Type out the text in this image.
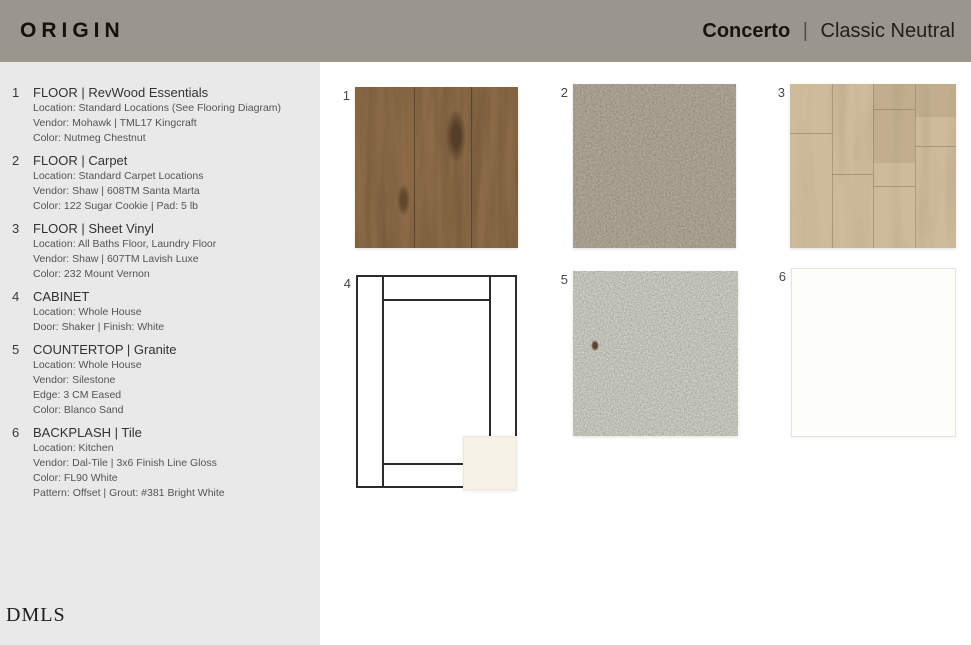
ORIGIN	Concerto | Classic Neutral
1	FLOOR | RevWood Essentials
Location: Standard Locations (See Flooring Diagram)
Vendor: Mohawk | TML17 Kingcraft
Color: Nutmeg Chestnut
2	FLOOR | Carpet
Location: Standard Carpet Locations
Vendor: Shaw | 608TM Santa Marta
Color: 122 Sugar Cookie | Pad: 5 lb
3	FLOOR | Sheet Vinyl
Location: All Baths Floor, Laundry Floor
Vendor: Shaw | 607TM Lavish Luxe
Color: 232 Mount Vernon
4	CABINET
Location: Whole House
Door: Shaker | Finish: White
5	COUNTERTOP | Granite
Location: Whole House
Vendor: Silestone
Edge: 3 CM Eased
Color: Blanco Sand
6	BACKPLASH | Tile
Location: Kitchen
Vendor: Dal-Tile | 3x6 Finish Line Gloss
Color: FL90 White
Pattern: Offset | Grout: #381 Bright White
1	2	3
4	5	6
DMLS
